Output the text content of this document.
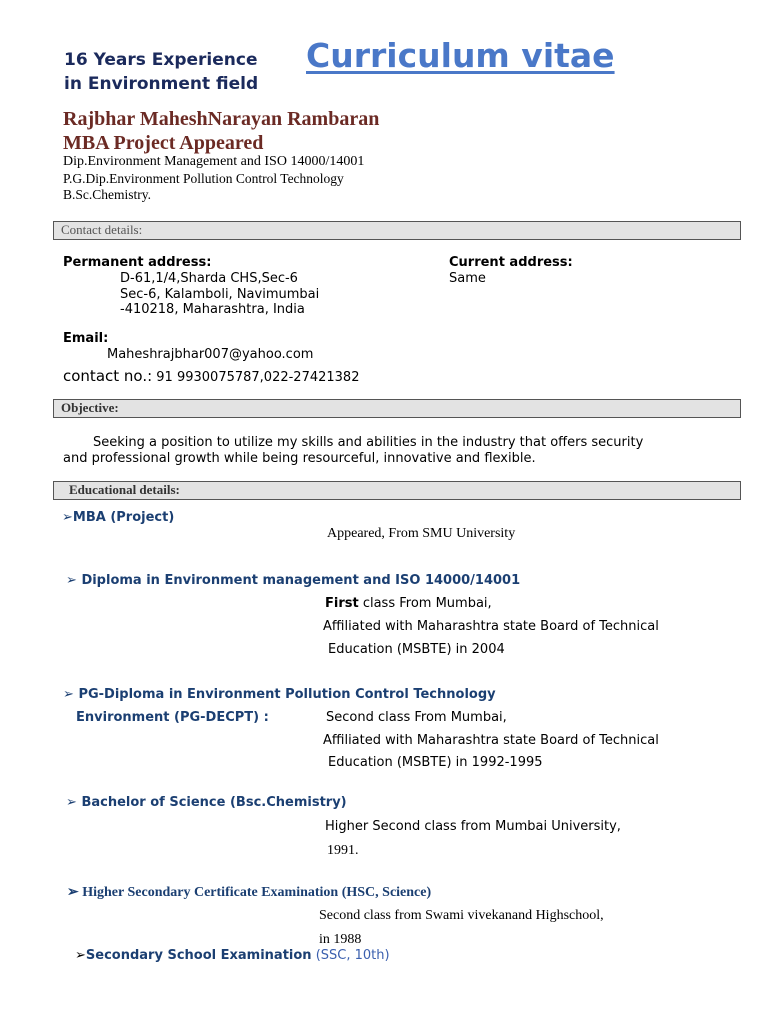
16 Years Experience
in Environment field
Curriculum vitae
Rajbhar MaheshNarayan Rambaran
MBA Project Appeared
Dip.Environment Management and ISO 14000/14001
P.G.Dip.Environment Pollution Control Technology
B.Sc.Chemistry.
Contact details:
Permanent address:
D-61,1/4,Sharda CHS,Sec-6
Sec-6, Kalamboli, Navimumbai
-410218, Maharashtra, India
Current address:
Same
Email:
Maheshrajbhar007@yahoo.com
contact no.: 91 9930075787,022-27421382
Objective:
Seeking a position to utilize my skills and abilities in the industry that offers security
and professional growth while being resourceful, innovative and flexible.
Educational details:
➢MBA (Project)
Appeared, From SMU University
➢ Diploma in Environment management and ISO 14000/14001
First class From Mumbai,
Affiliated with Maharashtra state Board of Technical
Education (MSBTE) in 2004
➢ PG-Diploma in Environment Pollution Control Technology
Environment (PG-DECPT) :	Second class From Mumbai,
Affiliated with Maharashtra state Board of Technical
Education (MSBTE) in 1992-1995
➢ Bachelor of Science (Bsc.Chemistry)
Higher Second class from Mumbai University,
1991.
➢ Higher Secondary Certificate Examination (HSC, Science)
Second class from Swami vivekanand Highschool,
in 1988
➢Secondary School Examination (SSC, 10th)
